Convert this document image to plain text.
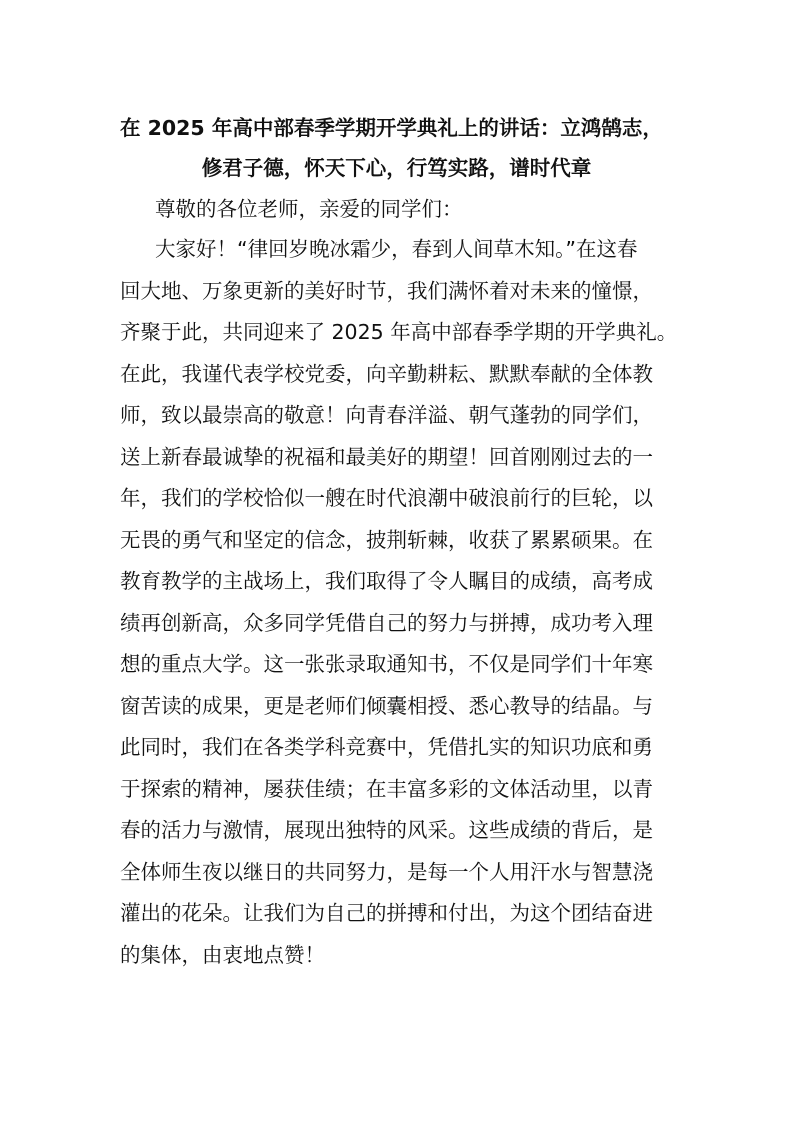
在 2025 年高中部春季学期开学典礼上的讲话：立鸿鹄志，
修君子德，怀天下心，行笃实路，谱时代章
尊敬的各位老师，亲爱的同学们：
大家好！“律回岁晚冰霜少，春到人间草木知。”在这春
回大地、万象更新的美好时节，我们满怀着对未来的憧憬，
齐聚于此，共同迎来了 2025 年高中部春季学期的开学典礼。
在此，我谨代表学校党委，向辛勤耕耘、默默奉献的全体教
师，致以最崇高的敬意！向青春洋溢、朝气蓬勃的同学们，
送上新春最诚挚的祝福和最美好的期望！回首刚刚过去的一
年，我们的学校恰似一艘在时代浪潮中破浪前行的巨轮，以
无畏的勇气和坚定的信念，披荆斩棘，收获了累累硕果。在
教育教学的主战场上，我们取得了令人瞩目的成绩，高考成
绩再创新高，众多同学凭借自己的努力与拼搏，成功考入理
想的重点大学。这一张张录取通知书，不仅是同学们十年寒
窗苦读的成果，更是老师们倾囊相授、悉心教导的结晶。与
此同时，我们在各类学科竞赛中，凭借扎实的知识功底和勇
于探索的精神，屡获佳绩；在丰富多彩的文体活动里，以青
春的活力与激情，展现出独特的风采。这些成绩的背后，是
全体师生夜以继日的共同努力，是每一个人用汗水与智慧浇
灌出的花朵。让我们为自己的拼搏和付出，为这个团结奋进
的集体，由衷地点赞！
